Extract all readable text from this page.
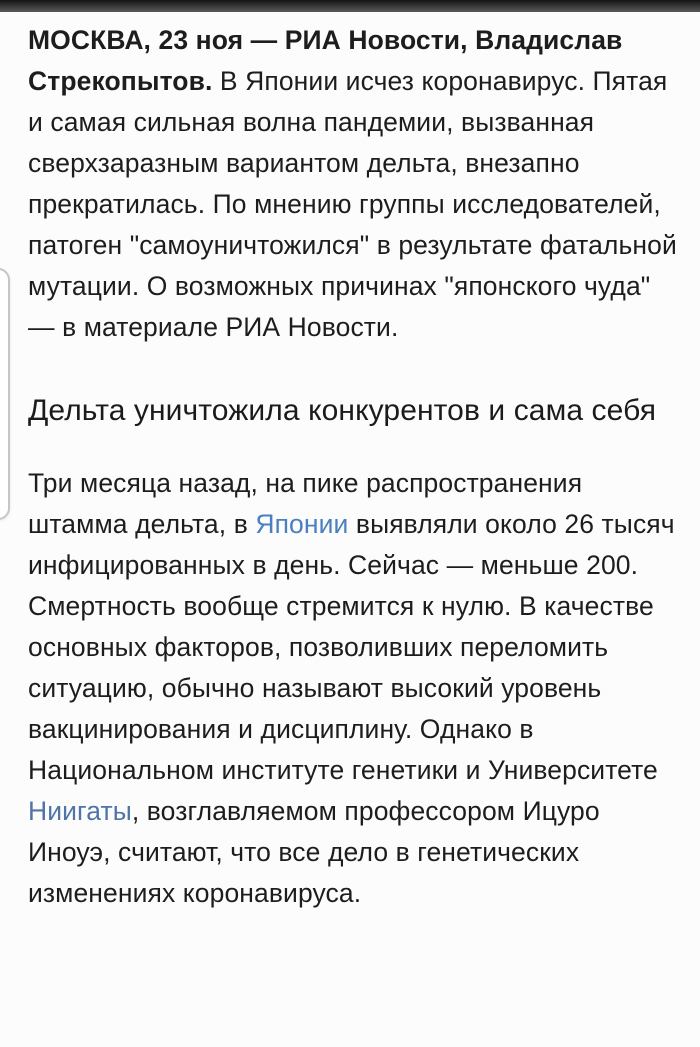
МОСКВА, 23 ноя — РИА Новости, Владислав Стрекопытов. В Японии исчез коронавирус. Пятая и самая сильная волна пандемии, вызванная сверхзаразным вариантом дельта, внезапно прекратилась. По мнению группы исследователей, патоген "самоуничтожился" в результате фатальной мутации. О возможных причинах "японского чуда" — в материале РИА Новости.

Дельта уничтожила конкурентов и сама себя

Три месяца назад, на пике распространения штамма дельта, в Японии выявляли около 26 тысяч инфицированных в день. Сейчас — меньше 200. Смертность вообще стремится к нулю. В качестве основных факторов, позволивших переломить ситуацию, обычно называют высокий уровень вакцинирования и дисциплину. Однако в Национальном институте генетики и Университете Ниигаты, возглавляемом профессором Ицуро Иноуэ, считают, что все дело в генетических изменениях коронавируса.
